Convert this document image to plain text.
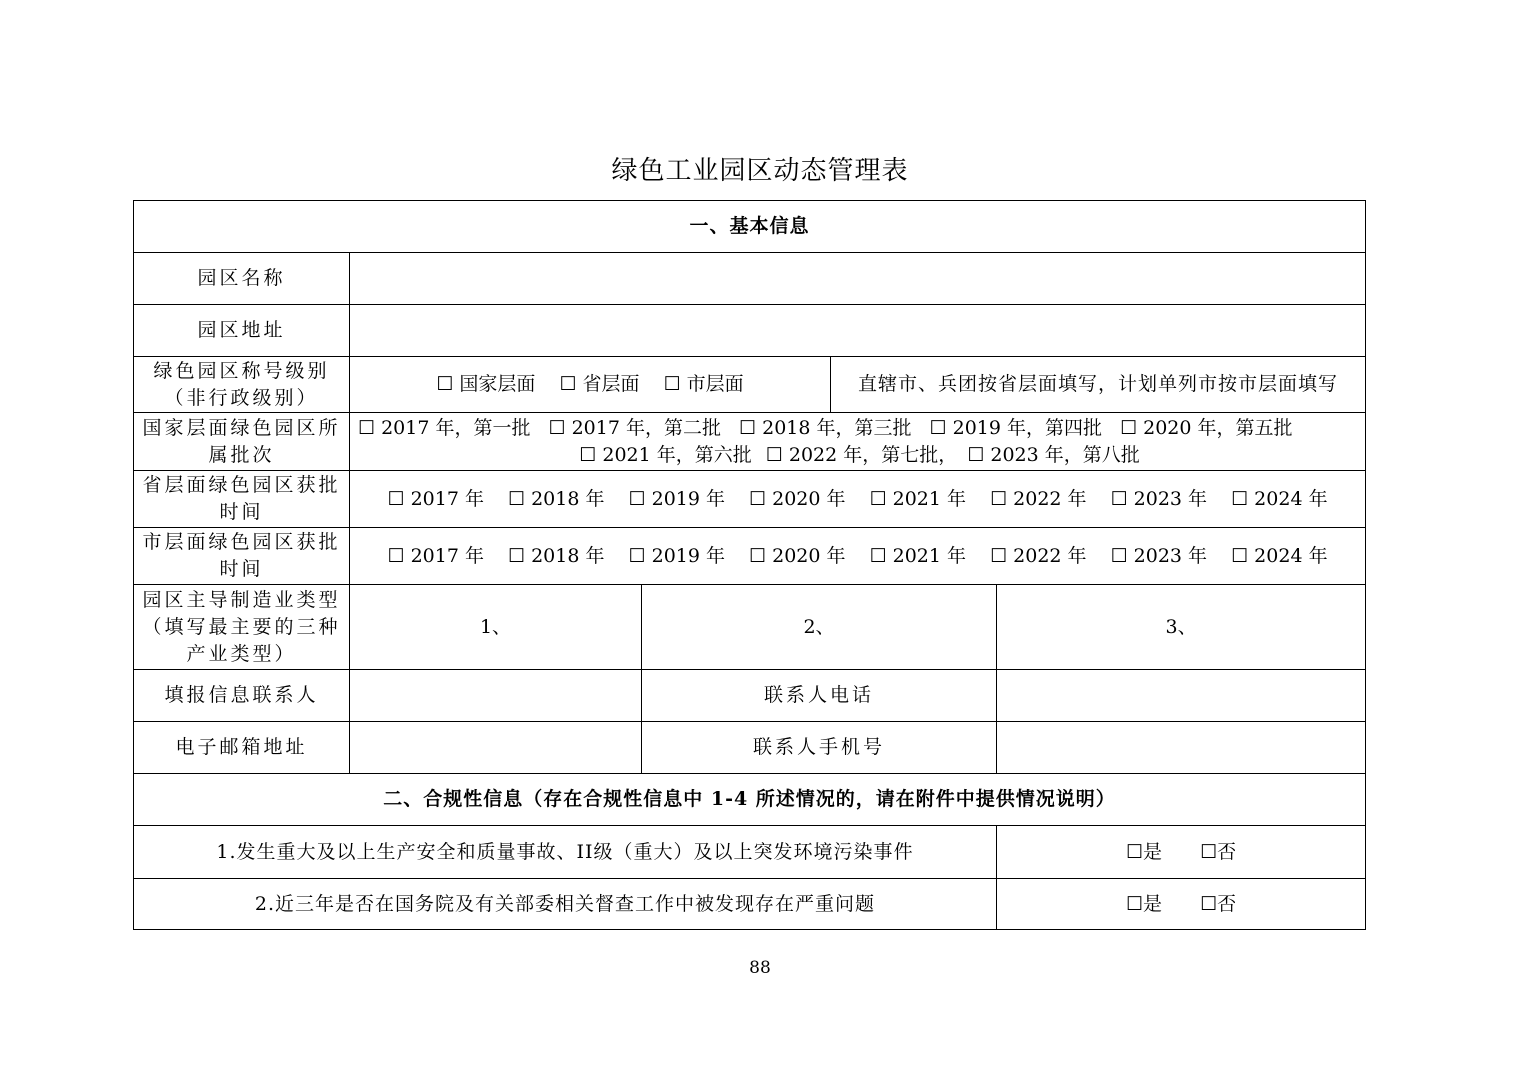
绿色工业园区动态管理表
一、基本信息				
园区名称				
园区地址				

绿色园区称号级别
（非行政级别）	☐ 国家层面 ☐ 省层面 ☐ 市层面		直辖市、兵团按省层面填写，计划单列市按市层面填写	

国家层面绿色园区所
属批次	☐ 2017 年，第一批 ☐ 2017 年，第二批 ☐ 2018 年，第三批 ☐ 2019 年，第四批 ☐ 2020 年，第五批
☐ 2021 年，第六批 ☐ 2022 年，第七批， ☐ 2023 年，第八批			

省层面绿色园区获批
时间	☐ 2017 年 ☐ 2018 年 ☐ 2019 年 ☐ 2020 年 ☐ 2021 年 ☐ 2022 年 ☐ 2023 年 ☐ 2024 年			

市层面绿色园区获批
时间	☐ 2017 年 ☐ 2018 年 ☐ 2019 年 ☐ 2020 年 ☐ 2021 年 ☐ 2022 年 ☐ 2023 年 ☐ 2024 年			

园区主导制造业类型
（填写最主要的三种
产业类型）	1、	2、		3、
填报信息联系人		联系人电话		
电子邮箱地址		联系人手机号		
二、合规性信息（存在合规性信息中 1-4 所述情况的，请在附件中提供情况说明）				
1.发生重大及以上生产安全和质量事故、II级（重大）及以上突发环境污染事件				☐是 ☐否
2.近三年是否在国务院及有关部委相关督查工作中被发现存在严重问题				☐是 ☐否
88
